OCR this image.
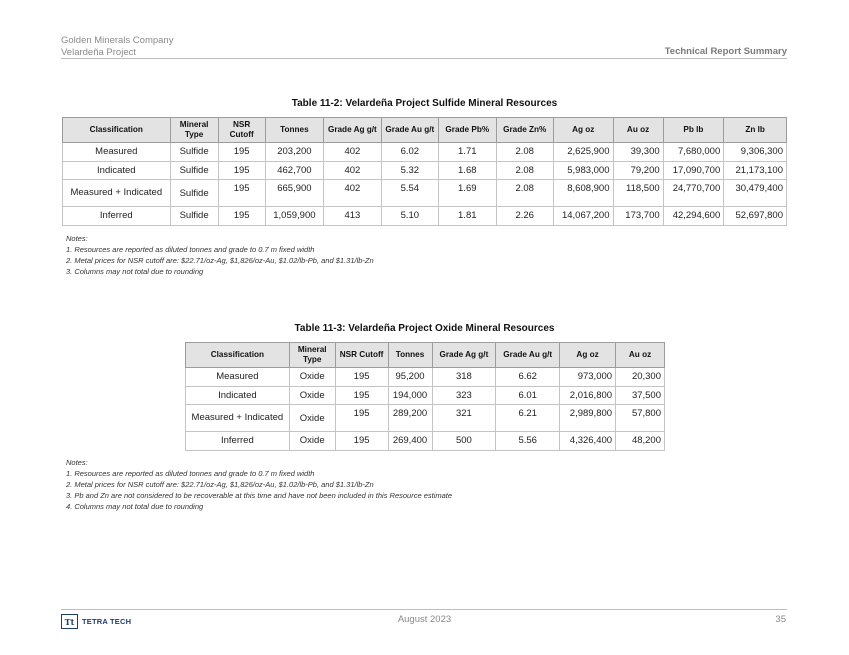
Golden Minerals Company
Velardeña Project	Technical Report Summary
Table 11-2: Velardeña Project Sulfide Mineral Resources
Classification	Mineral Type	NSR Cutoff	Tonnes	Grade Ag g/t	Grade Au g/t	Grade Pb%	Grade Zn%	Ag oz	Au oz	Pb lb	Zn lb
Measured	Sulfide	195	203,200	402	6.02	1.71	2.08	2,625,900	39,300	7,680,000	9,306,300
Indicated	Sulfide	195	462,700	402	5.32	1.68	2.08	5,983,000	79,200	17,090,700	21,173,100
Measured + Indicated	Sulfide	195	665,900	402	5.54	1.69	2.08	8,608,900	118,500	24,770,700	30,479,400
Inferred	Sulfide	195	1,059,900	413	5.10	1.81	2.26	14,067,200	173,700	42,294,600	52,697,800
Notes:
1. Resources are reported as diluted tonnes and grade to 0.7 m fixed width
2. Metal prices for NSR cutoff are: $22.71/oz-Ag, $1,826/oz-Au, $1.02/lb-Pb, and $1.31/lb-Zn
3. Columns may not total due to rounding
Table 11-3: Velardeña Project Oxide Mineral Resources
Classification	Mineral Type	NSR Cutoff	Tonnes	Grade Ag g/t	Grade Au g/t	Ag oz	Au oz
Measured	Oxide	195	95,200	318	6.62	973,000	20,300
Indicated	Oxide	195	194,000	323	6.01	2,016,800	37,500
Measured + Indicated	Oxide	195	289,200	321	6.21	2,989,800	57,800
Inferred	Oxide	195	269,400	500	5.56	4,326,400	48,200
Notes:
1. Resources are reported as diluted tonnes and grade to 0.7 m fixed width
2. Metal prices for NSR cutoff are: $22.71/oz-Ag, $1,826/oz-Au, $1.02/lb-Pb, and $1.31/lb-Zn
3. Pb and Zn are not considered to be recoverable at this time and have not been included in this Resource estimate
4. Columns may not total due to rounding
Tt	TETRA TECH	August 2023	35
